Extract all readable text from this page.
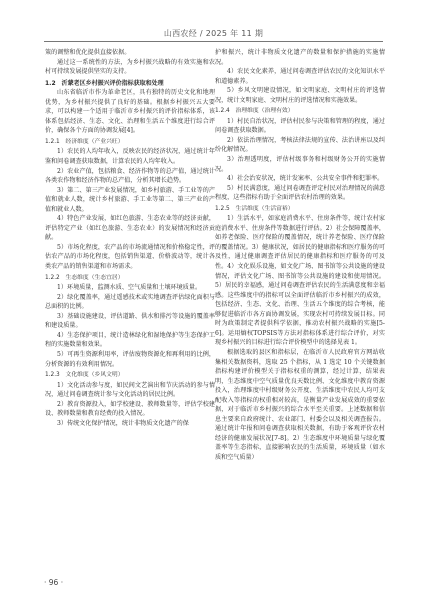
山西农经 / 2025 年 11 期

策的调整和优化提供直接依据。

通过这一系统性的方法，为乡村振兴战略的有效实施和农村可持续发展提供坚实的支持。

1.2　沂蒙老区乡村振兴评价指标获取和处理

山东省临沂市作为革命老区，具有独特的历史文化和地理优势，为乡村振兴提供了良好的基础。根据乡村振兴五大要求，可以构建一个适用于临沂市乡村振兴的评价指标体系，该体系包括经济、生态、文化、治理和生活五个维度进行综合评价，确保各个方面的协调发展[4]。

1.2.1　经济维度（产业兴旺）

1）农民的人均年收入，反映农民的经济状况，通过统计年鉴和问卷调查获取数据，计算农民的人均年收入。

2）农业产值，包括粮食、经济作物等的总产值，通过统计各类农作物和经济作物的总产值，分析其增长趋势。

3）第二、第三产业发展情况，如乡村旅游、手工业等的产值和就业人数，统计乡村旅游、手工业等第二、第三产业的产值和就业人数。

4）特色产业发展，如红色旅游、生态农业等的经济贡献，评估特定产业（如红色旅游、生态农业）的发展情况和经济贡献。

5）市场化程度，农产品的市场流通情况和价格稳定性，评估农产品的市场化程度，包括销售渠道、价格波动等，统计各类农产品的销售渠道和市场需求。

1.2.2　生态维度（生态宜居）

1）环境质量，监测水质、空气质量和土壤环境质量。

2）绿化覆盖率，通过遥感技术或实地调查评估绿化面积与总面积的比例。

3）基础设施建设，评估道路、供水和排污等设施的覆盖率和建设质量。

4）生态保护项目，统计造林绿化和湿地保护等生态保护工程的实施数量和效果。

5）可再生资源利用率，评估废物资源化和再利用的比例，分析资源的有效利用情况。

1.2.3　文化维度（乡风文明）

1）文化活动参与度，如民间文艺演出和节庆活动的参与情况，通过问卷调查统计参与文化活动的居民比例。

2）教育资源投入，如学校建设、教师数量等，评估学校建设、教师数量和教育经费的投入情况。

3）传统文化保护情况，统计非物质文化遗产的保

护和振兴，统计非物质文化遗产的数量和保护措施的实施情况。

4）农民文化素养，通过问卷调查评估农民的文化知识水平和道德素养。

5）乡风文明建设情况，如文明家庭、文明村庄的评选情况，统计文明家庭、文明村庄的评选情况和实施效果。

1.2.4　治理维度（治理有效）

1）村民自治状况，评估村民参与决策和管理的程度，通过问卷调查获取数据。

2）依法治理情况，考核法律法规的宣传、法治讲座以及纠纷化解情况。

3）治理透明度，评估村级事务和村级财务公开的实施情况。

4）社会治安状况，统计发案率、公共安全事件和犯罪率。

5）村民满意度，通过问卷调查评定村民对治理情况的满意程度，这些指标有助于全面评估农村治理的效果。

1.2.5　生活维度（生活富裕）

1）生活水平，如家庭消费水平、住房条件等，统计农村家庭消费水平、住房条件等数据进行评估。2）社会保障覆盖率，如养老保险、医疗保险的覆盖情况，统计养老保险、医疗保险的覆盖情况。3）健康状况，如居民的健康指标和医疗服务的可及性，通过健康调查评估居民的健康指标和医疗服务的可及性。4）文化娱乐设施，如文化广场、图书馆等公共设施的建设情况，评估文化广场、图书馆等公共设施的建设和使用情况。5）居民的幸福感，通过问卷调查评估农民的生活满意度和幸福感。这些维度中的指标可以全面评估临沂市乡村振兴的成效，包括经济、生态、文化、治理、生活五个维度的综合考核，能够促进临沂市各方面协调发展，实现农村可持续发展目标。同时为政策制定者提供科学依据，推动农村振兴战略的实施[5-6]。运用熵权TOPSIS等方法对指标体系进行综合评价，对实现乡村振兴的目标进行综合评价模型中的选择见表 1。

根据选取的县区和指标层，在临沂市人民政府官方网站收集相关数据资料，选取 25 个指标，从 1 选定 10 个关键数据指标构建评价模型关于指标权重的测算，经过计算，结果表明，生态维度中空气质量优良天数比例、文化维度中教育资源投入，治理维度中村级财务公开度、生活维度中农民人均可支配收入等指标的权重相对较高，是衡量产业发展成效的重要依据，对于临沂市乡村振兴的综合水平至关重要。上述数据和信息主要来自政府统计、农业部门、村委会以及相关调查报告。通过统计年报和问卷调查获取相关数据，有助于客观评价农村经济的健康发展状况[7-8]。2）生态维度中环境质量与绿化覆盖率等生态指标，直接影响农民的生活质量，环境质量（如水质和空气质量）

· 96 ·
